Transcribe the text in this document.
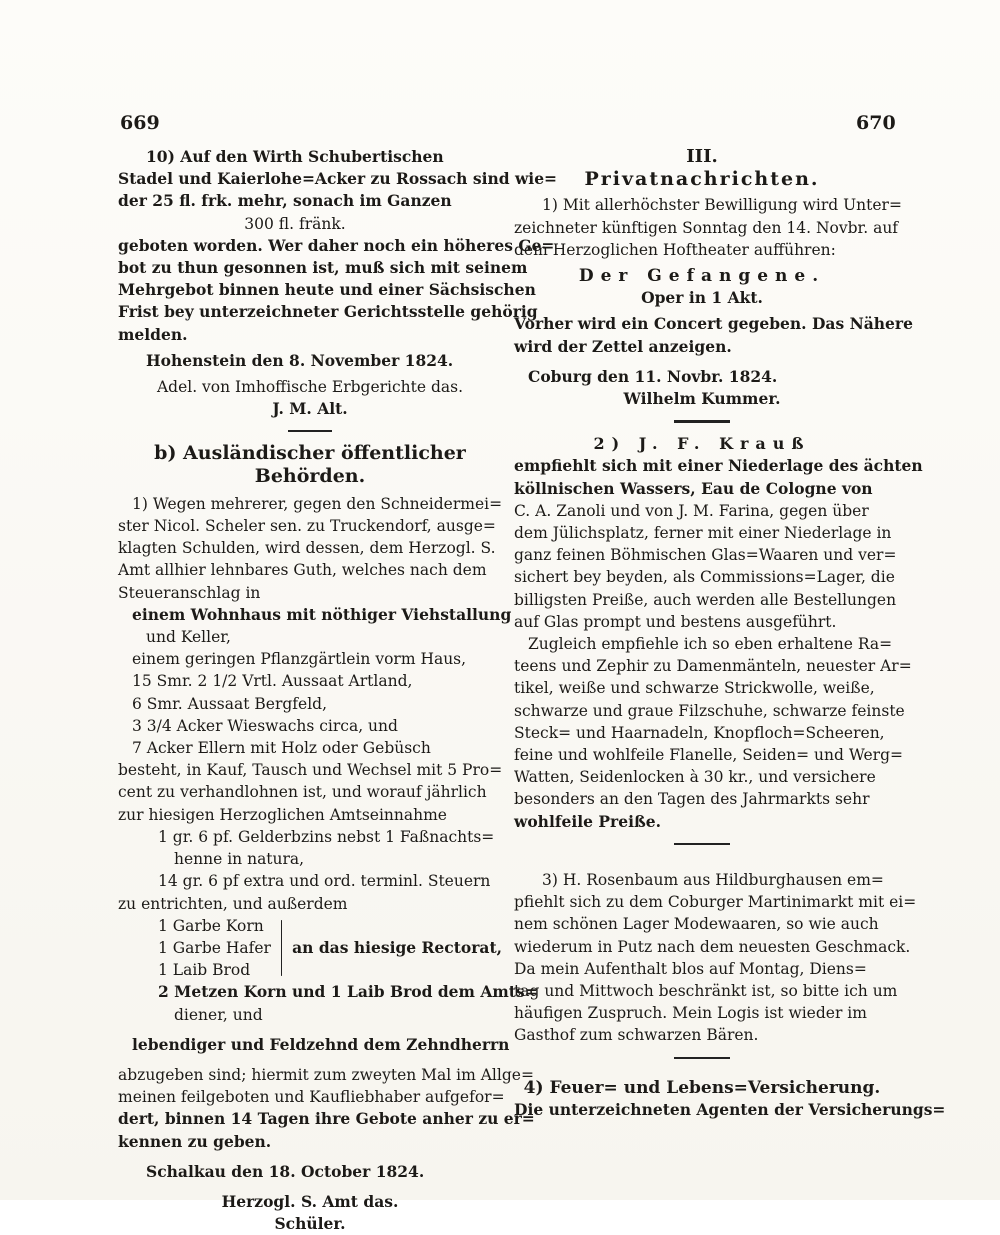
669	670
10) Auf den Wirth Schubertischen
Stadel und Kaierlohe=Acker zu Rossach sind wie=
der 25 fl. frk. mehr, sonach im Ganzen
300 fl. fränk.
geboten worden. Wer daher noch ein höheres Ge=
bot zu thun gesonnen ist, muß sich mit seinem
Mehrgebot binnen heute und einer Sächsischen
Frist bey unterzeichneter Gerichtsstelle gehörig
melden.
Hohenstein den 8. November 1824.
Adel. von Imhoffische Erbgerichte das.
J. M. Alt.
b) Ausländischer öffentlicher Behörden.
1) Wegen mehrerer, gegen den Schneidermei=
ster Nicol. Scheler sen. zu Truckendorf, ausge=
klagten Schulden, wird dessen, dem Herzogl. S.
Amt allhier lehnbares Guth, welches nach dem
Steueranschlag in
einem Wohnhaus mit nöthiger Viehstallung
und Keller,
einem geringen Pflanzgärtlein vorm Haus,
15 Smr. 2 1/2 Vrtl. Aussaat Artland,
6 Smr. Aussaat Bergfeld,
3 3/4 Acker Wieswachs circa, und
7 Acker Ellern mit Holz oder Gebüsch
besteht, in Kauf, Tausch und Wechsel mit 5 Pro=
cent zu verhandlohnen ist, und worauf jährlich
zur hiesigen Herzoglichen Amtseinnahme
1 gr. 6 pf. Gelderbzins nebst 1 Faßnachts=
henne in natura,
14 gr. 6 pf extra und ord. terminl. Steuern
zu entrichten, und außerdem
1 Garbe Korn
1 Garbe Hafer
1 Laib Brod
an das hiesige Rectorat,
2 Metzen Korn und 1 Laib Brod dem Amts=
diener, und
lebendiger und Feldzehnd dem Zehndherrn
abzugeben sind; hiermit zum zweyten Mal im Allge=
meinen feilgeboten und Kaufliebhaber aufgefor=
dert, binnen 14 Tagen ihre Gebote anher zu er=
kennen zu geben.
Schalkau den 18. October 1824.
Herzogl. S. Amt das.
Schüler.
III.
Privatnachrichten.
1) Mit allerhöchster Bewilligung wird Unter=
zeichneter künftigen Sonntag den 14. Novbr. auf
dem Herzoglichen Hoftheater aufführen:
Der Gefangene.
Oper in 1 Akt.
Vorher wird ein Concert gegeben. Das Nähere
wird der Zettel anzeigen.
Coburg den 11. Novbr. 1824.
Wilhelm Kummer.
2) J. F. Krauß
empfiehlt sich mit einer Niederlage des ächten
köllnischen Wassers, Eau de Cologne von
C. A. Zanoli und von J. M. Farina, gegen über
dem Jülichsplatz, ferner mit einer Niederlage in
ganz feinen Böhmischen Glas=Waaren und ver=
sichert bey beyden, als Commissions=Lager, die
billigsten Preiße, auch werden alle Bestellungen
auf Glas prompt und bestens ausgeführt.
Zugleich empfiehle ich so eben erhaltene Ra=
teens und Zephir zu Damenmänteln, neuester Ar=
tikel, weiße und schwarze Strickwolle, weiße,
schwarze und graue Filzschuhe, schwarze feinste
Steck= und Haarnadeln, Knopfloch=Scheeren,
feine und wohlfeile Flanelle, Seiden= und Werg=
Watten, Seidenlocken à 30 kr., und versichere
besonders an den Tagen des Jahrmarkts sehr
wohlfeile Preiße.
3) H. Rosenbaum aus Hildburghausen em=
pfiehlt sich zu dem Coburger Martinimarkt mit ei=
nem schönen Lager Modewaaren, so wie auch
wiederum in Putz nach dem neuesten Geschmack.
Da mein Aufenthalt blos auf Montag, Diens=
tag und Mittwoch beschränkt ist, so bitte ich um
häufigen Zuspruch. Mein Logis ist wieder im
Gasthof zum schwarzen Bären.
4) Feuer= und Lebens=Versicherung.
Die unterzeichneten Agenten der Versicherungs=
